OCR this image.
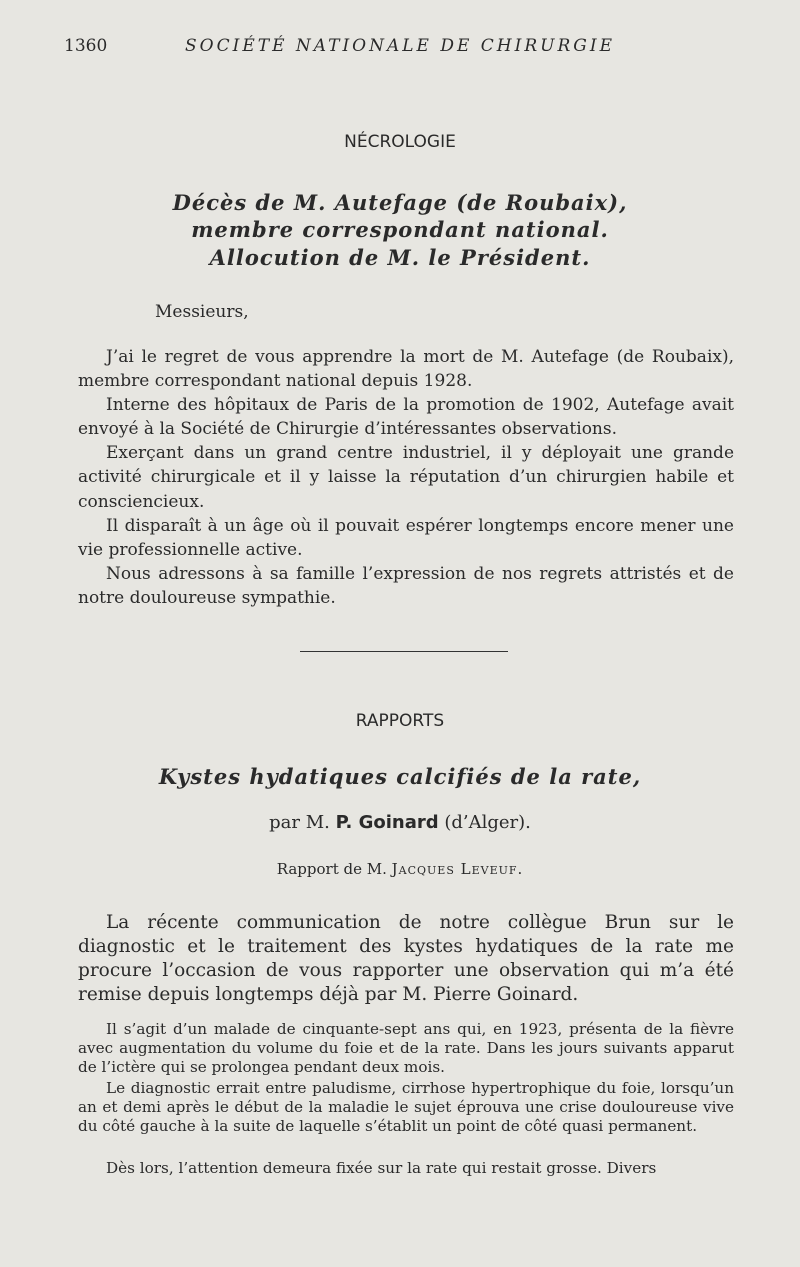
1360	SOCIÉTÉ NATIONALE DE CHIRURGIE
NÉCROLOGIE
Décès de M. Autefage (de Roubaix),
membre correspondant national.
Allocution de M. le Président.
Messieurs,

J’ai le regret de vous apprendre la mort de M. Autefage (de Roubaix), membre correspondant national depuis 1928.

Interne des hôpitaux de Paris de la promotion de 1902, Autefage avait envoyé à la Société de Chirurgie d’intéressantes observations.

Exerçant dans un grand centre industriel, il y déployait une grande activité chirurgicale et il y laisse la réputation d’un chirurgien habile et consciencieux.

Il disparaît à un âge où il pouvait espérer longtemps encore mener une vie professionnelle active.

Nous adressons à sa famille l’expression de nos regrets attristés et de notre douloureuse sympathie.

RAPPORTS
Kystes hydatiques calcifiés de la rate,
par M. P. Goinard (d’Alger).
Rapport de M. Jacques Leveuf.

La récente communication de notre collègue Brun sur le diagnostic et le traitement des kystes hydatiques de la rate me procure l’occasion de vous rapporter une observation qui m’a été remise depuis longtemps déjà par M. Pierre Goinard.

Il s’agit d’un malade de cinquante-sept ans qui, en 1923, présenta de la fièvre avec augmentation du volume du foie et de la rate. Dans les jours suivants apparut de l’ictère qui se prolongea pendant deux mois.

Le diagnostic errait entre paludisme, cirrhose hypertrophique du foie, lorsqu’un an et demi après le début de la maladie le sujet éprouva une crise douloureuse vive du côté gauche à la suite de laquelle s’établit un point de côté quasi permanent.

Dès lors, l’attention demeura fixée sur la rate qui restait grosse. Divers
